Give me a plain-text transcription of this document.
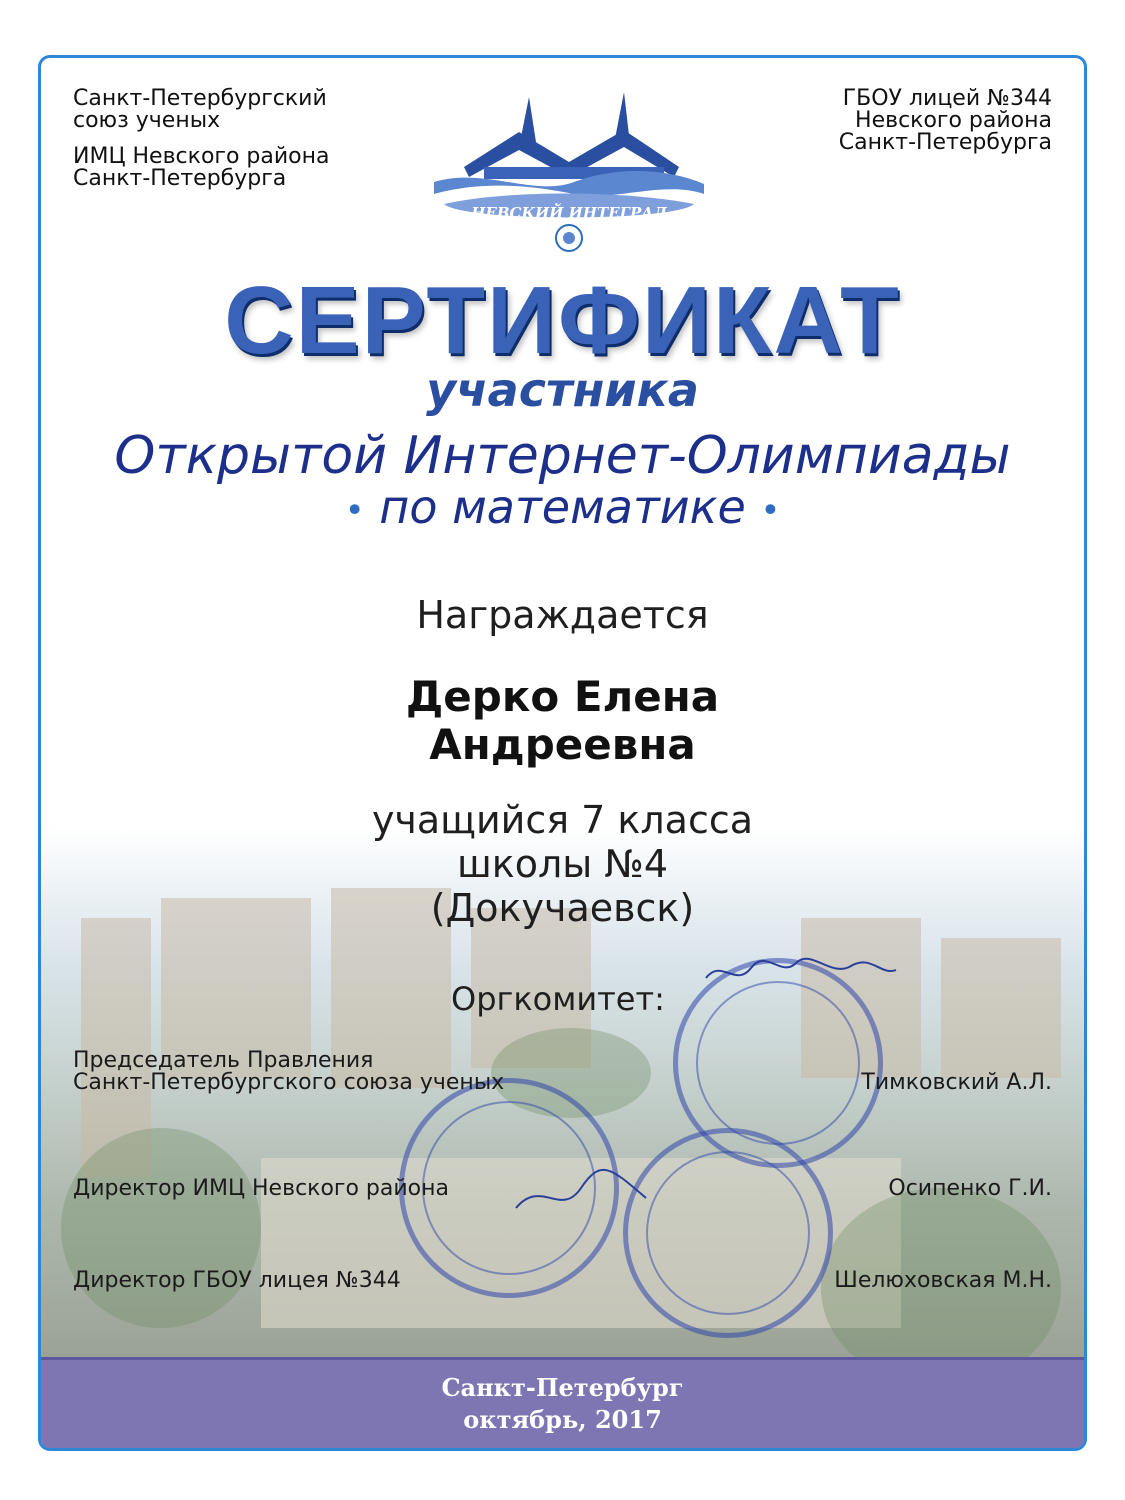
Санкт-Петербургский
союз ученых
ИМЦ Невского района
Санкт-Петербурга
ГБОУ лицей №344
Невского района
Санкт-Петербурга
НЕВСКИЙ ИНТЕГРАЛ
СЕРТИФИКАТ
участника
Открытой Интернет-Олимпиады
• по математике •
Награждается
Дерко Елена
Андреевна
учащийся 7 класса
школы №4
(Докучаевск)
Оргкомитет:
Председатель Правления
Санкт-Петербургского союза ученых	Тимковский А.Л.
Директор ИМЦ Невского района	Осипенко Г.И.
Директор ГБОУ лицея №344	Шелюховская М.Н.
Санкт-Петербург
октябрь, 2017
